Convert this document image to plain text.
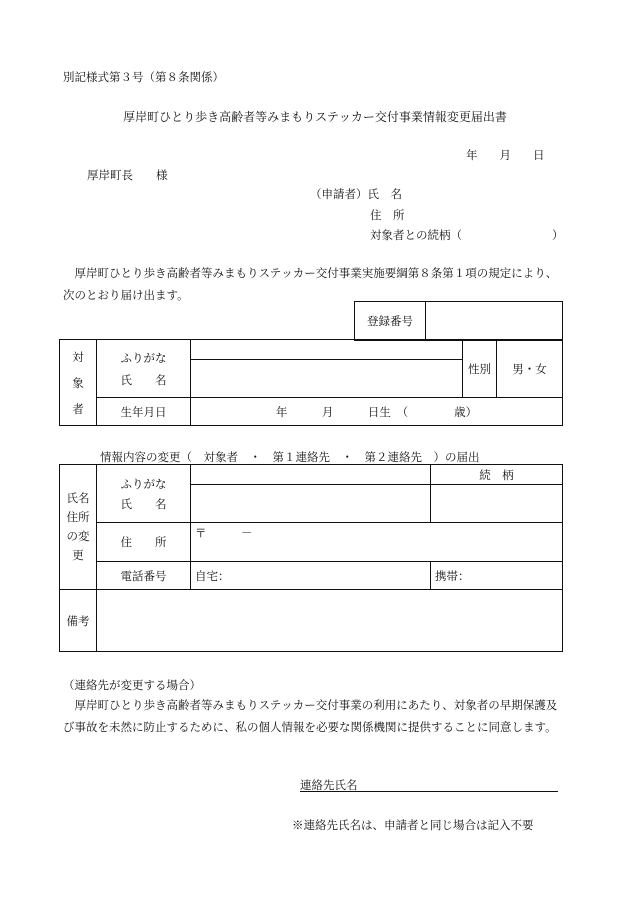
別記様式第３号（第８条関係）
厚岸町ひとり歩き高齢者等みまもりステッカー交付事業情報変更届出書
年 月 日
厚岸町長　　様
（申請者）氏　名
住　所
対象者との続柄（	）
厚岸町ひとり歩き高齢者等みまもりステッカー交付事業実施要綱第８条第１項の規定により、次のとおり届け出ます。
登録番号	
対象者	ふりがな
氏　　名		性別	男・女

	生年月日	年　　　月　　　日生　（　　　　歳）		
情報内容の変更（　対象者　・　第１連絡先　・　第２連絡先　）の届出
氏名住所の変更	ふりがな
氏　　名		続　柄

	住　　所	〒　　　－	
	電話番号	自宅：	携帯：
備考			
（連絡先が変更する場合）
厚岸町ひとり歩き高齢者等みまもりステッカー交付事業の利用にあたり、対象者の早期保護及び事故を未然に防止するために、私の個人情報を必要な関係機関に提供することに同意します。
連絡先氏名
※連絡先氏名は、申請者と同じ場合は記入不要
